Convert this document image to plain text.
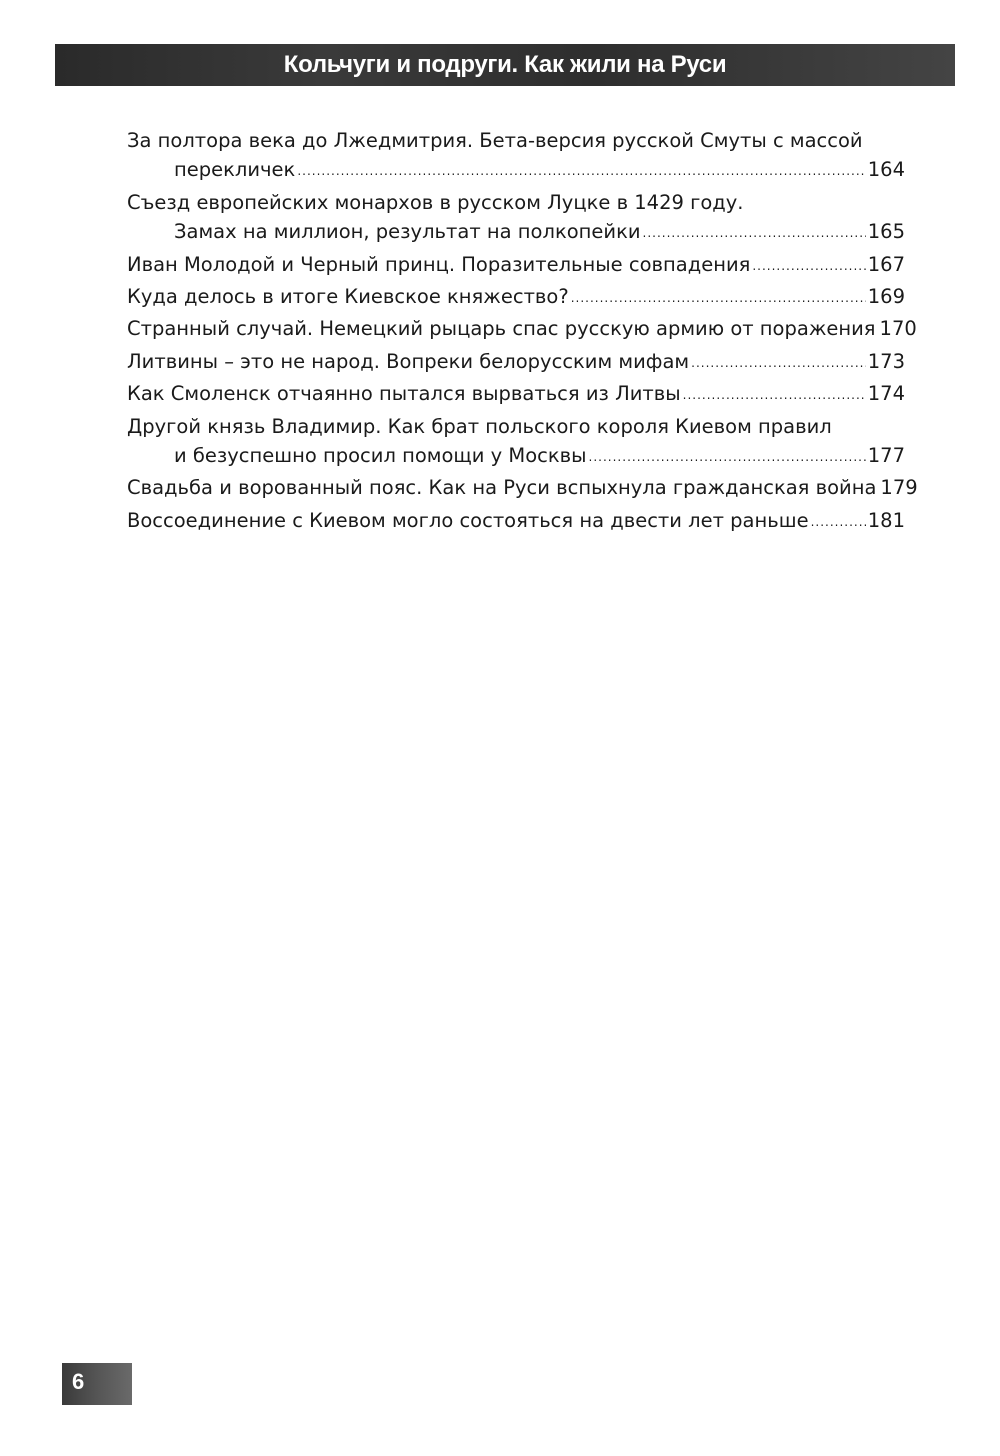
Кольчуги и подруги. Как жили на Руси
За полтора века до Лжедмитрия. Бета-версия русской Смуты с массой
перекличек .....	164
Съезд европейских монархов в русском Луцке в 1429 году.
Замах на миллион, результат на полкопейки .....	165
Иван Молодой и Черный принц. Поразительные совпадения .....	167
Куда делось в итоге Киевское княжество? .....	169
Странный случай. Немецкий рыцарь спас русскую армию от поражения 170
Литвины – это не народ. Вопреки белорусским мифам .....	173
Как Смоленск отчаянно пытался вырваться из Литвы .....	174
Другой князь Владимир. Как брат польского короля Киевом правил
и безуспешно просил помощи у Москвы .....	177
Свадьба и ворованный пояс. Как на Руси вспыхнула гражданская война 179
Воссоединение с Киевом могло состояться на двести лет раньше .....	181
6
